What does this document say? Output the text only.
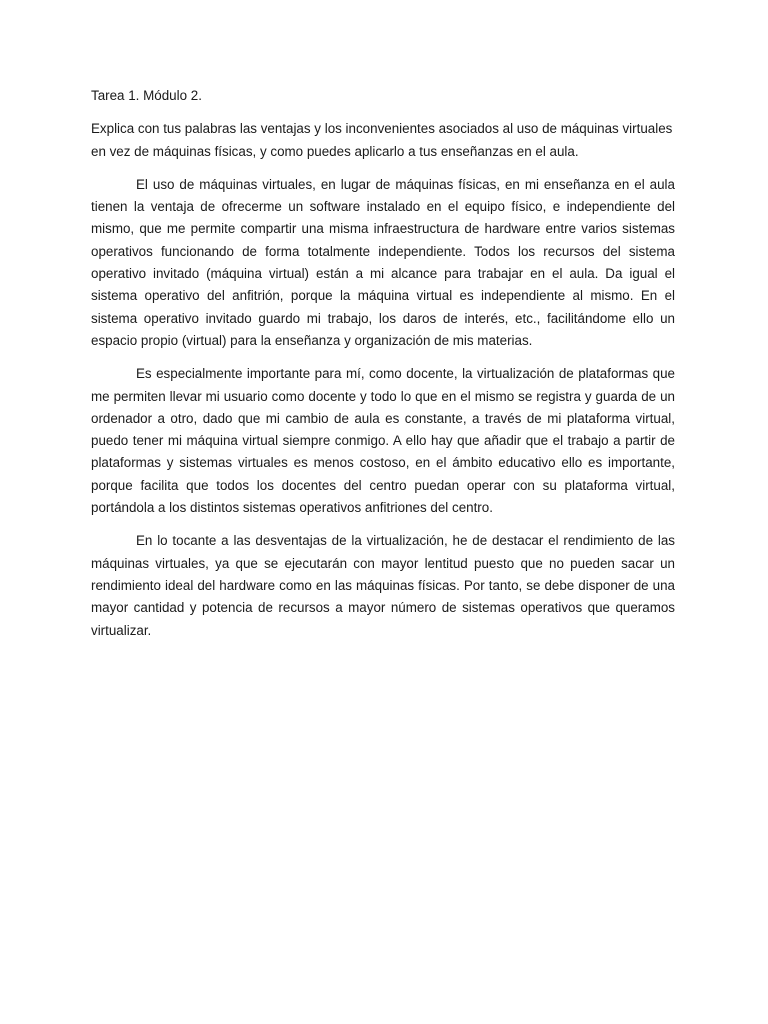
Tarea 1. Módulo 2.

Explica con tus palabras las ventajas y los inconvenientes asociados al uso de máquinas virtuales en vez de máquinas físicas, y como puedes aplicarlo a tus enseñanzas en el aula.

El uso de máquinas virtuales, en lugar de máquinas físicas, en mi enseñanza en el aula tienen la ventaja de ofrecerme un software instalado en el equipo físico, e independiente del mismo, que me permite compartir una misma infraestructura de hardware entre varios sistemas operativos funcionando de forma totalmente independiente. Todos los recursos del sistema operativo invitado (máquina virtual) están a mi alcance para trabajar en el aula. Da igual el sistema operativo del anfitrión, porque la máquina virtual es independiente al mismo. En el sistema operativo invitado guardo mi trabajo, los daros de interés, etc., facilitándome ello un espacio propio (virtual) para la enseñanza y organización de mis materias.

Es especialmente importante para mí, como docente, la virtualización de plataformas que me permiten llevar mi usuario como docente y todo lo que en el mismo se registra y guarda de un ordenador a otro, dado que mi cambio de aula es constante, a través de mi plataforma virtual, puedo tener mi máquina virtual siempre conmigo. A ello hay que añadir que el trabajo a partir de plataformas y sistemas virtuales es menos costoso, en el ámbito educativo ello es importante, porque facilita que todos los docentes del centro puedan operar con su plataforma virtual, portándola a los distintos sistemas operativos anfitriones del centro.

En lo tocante a las desventajas de la virtualización, he de destacar el rendimiento de las máquinas virtuales, ya que se ejecutarán con mayor lentitud puesto que no pueden sacar un rendimiento ideal del hardware como en las máquinas físicas. Por tanto, se debe disponer de una mayor cantidad y potencia de recursos a mayor número de sistemas operativos que queramos virtualizar.
